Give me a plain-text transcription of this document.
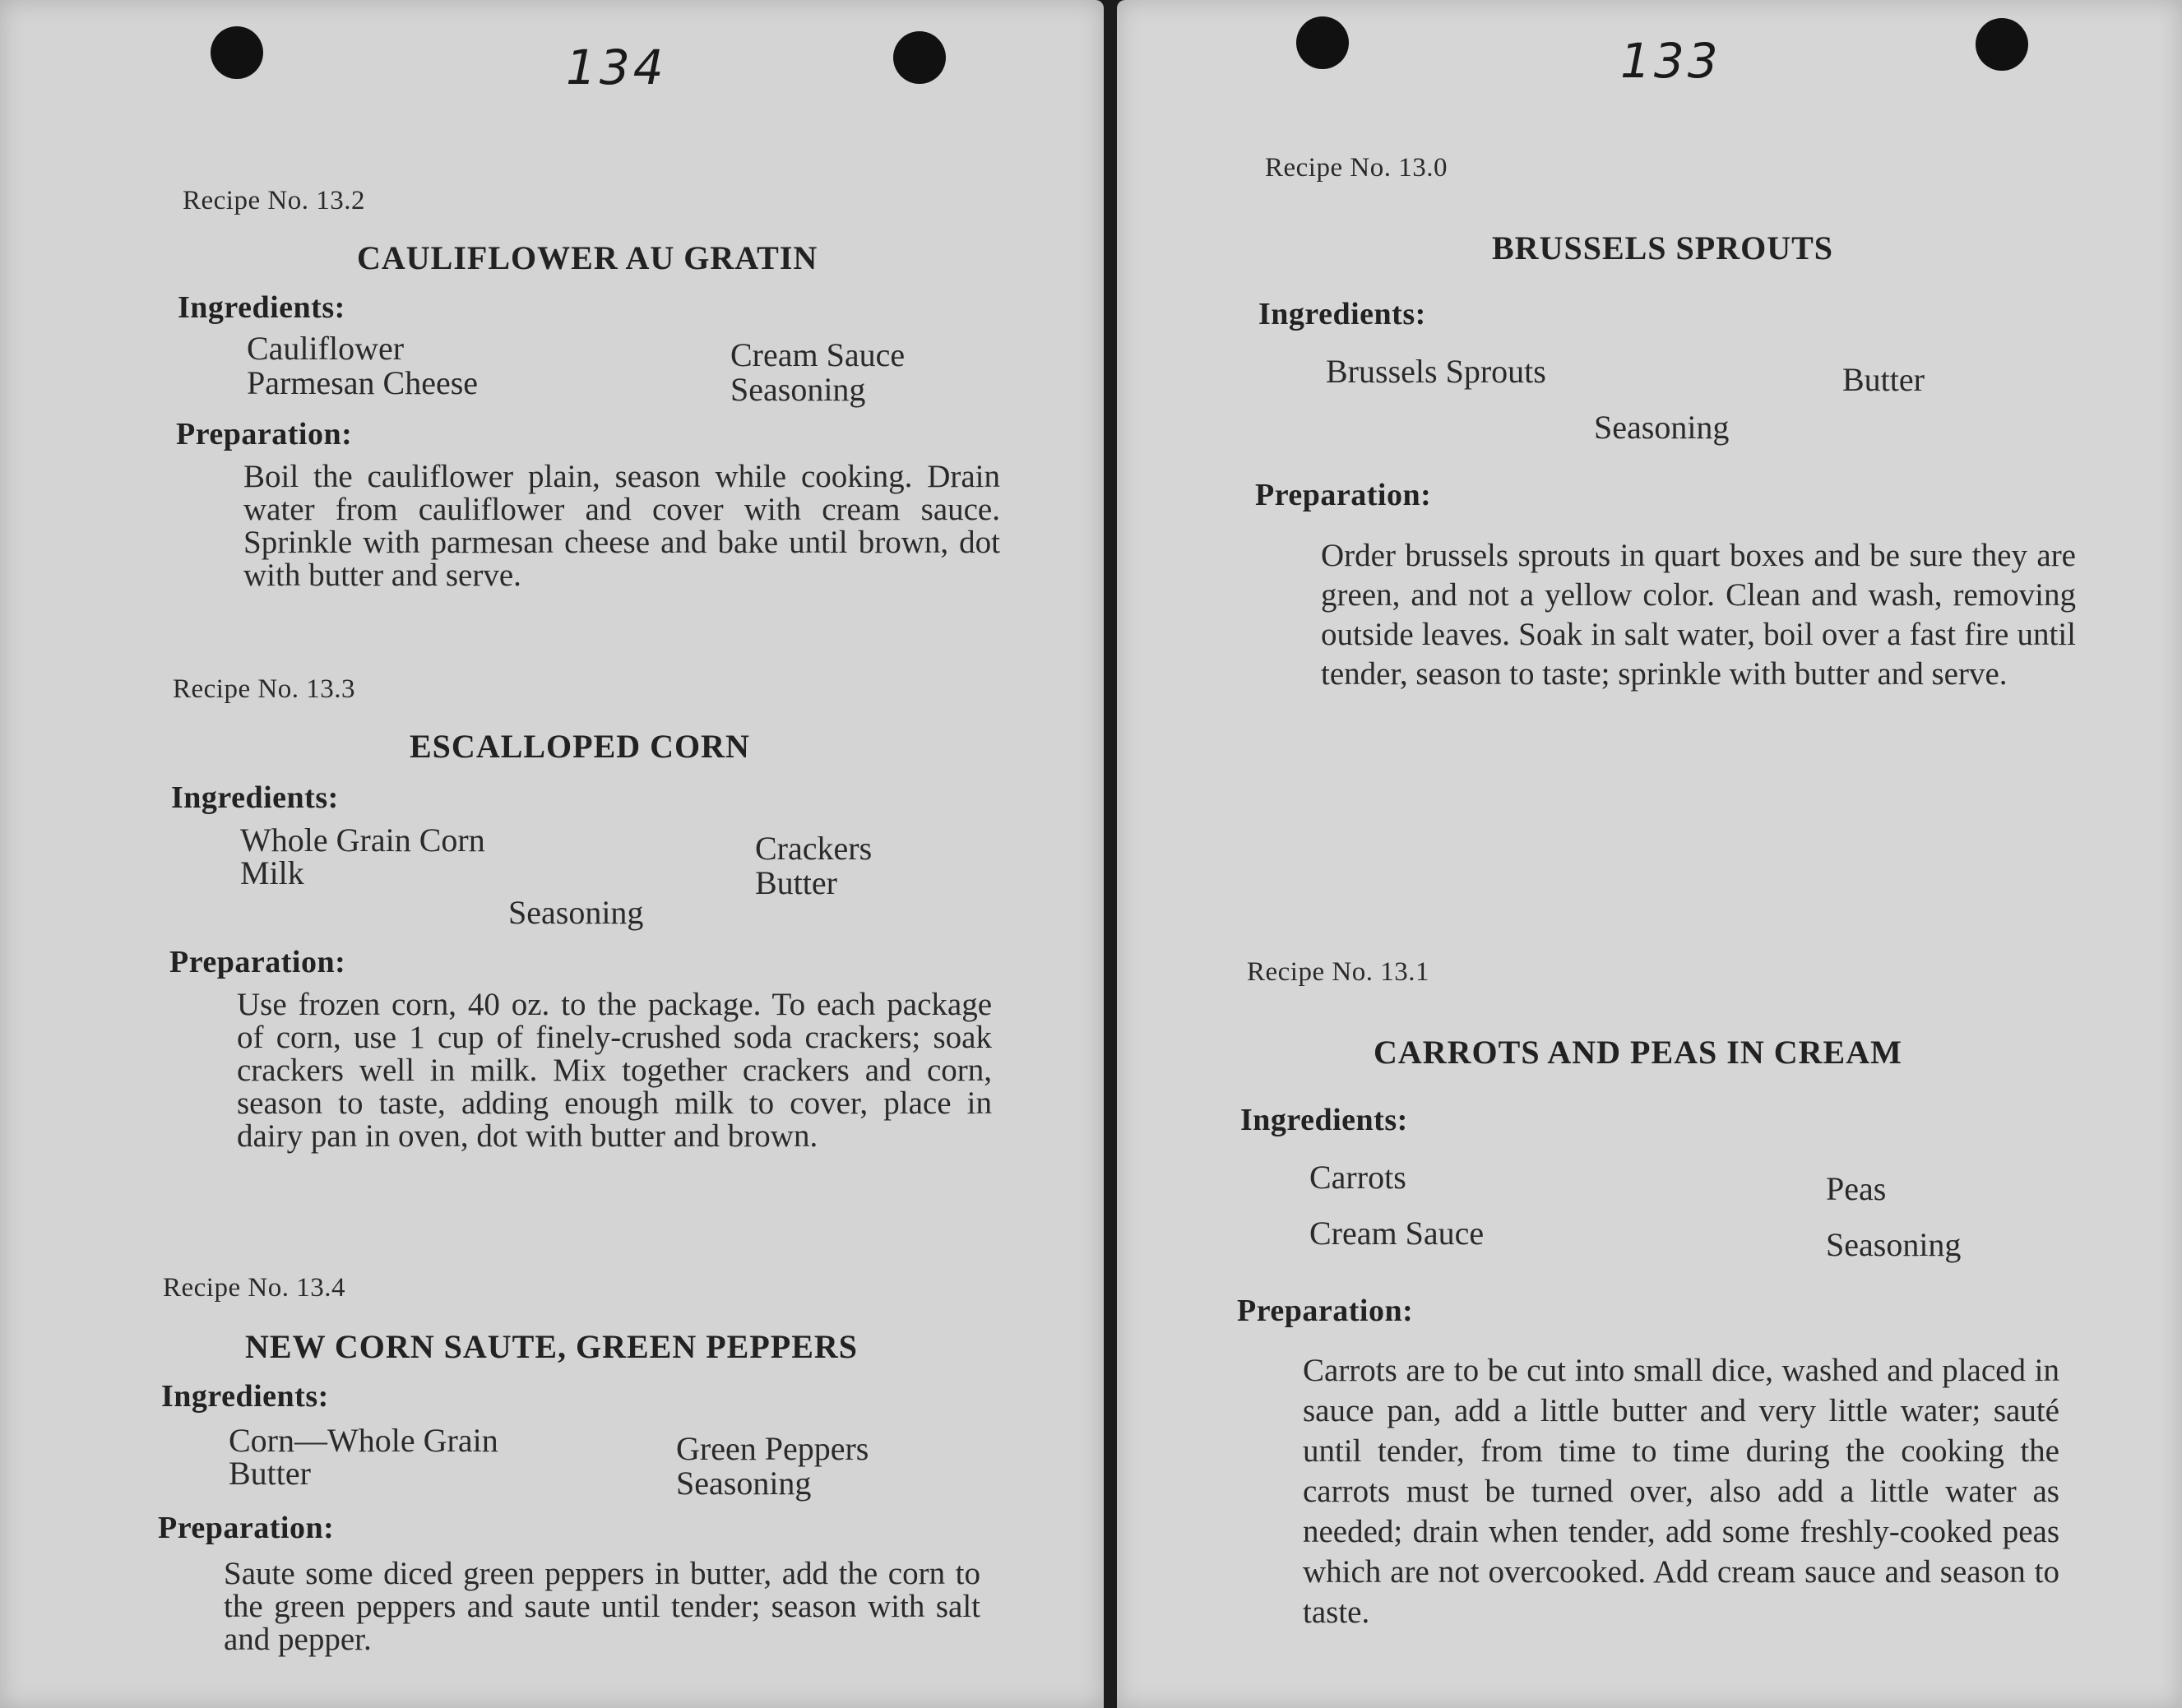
134
Recipe No. 13.2
CAULIFLOWER AU GRATIN
Ingredients:
Cauliflower
Parmesan Cheese
Cream Sauce
Seasoning
Preparation:
Boil the cauliflower plain, season while cooking. Drain water from cauliflower and cover with cream sauce. Sprinkle with parmesan cheese and bake until brown, dot with butter and serve.
Recipe No. 13.3
ESCALLOPED CORN
Ingredients:
Whole Grain Corn
Milk
Crackers
Butter
Seasoning
Preparation:
Use frozen corn, 40 oz. to the package. To each package of corn, use 1 cup of finely-crushed soda crackers; soak crackers well in milk. Mix together crackers and corn, season to taste, adding enough milk to cover, place in dairy pan in oven, dot with butter and brown.
Recipe No. 13.4
NEW CORN SAUTE, GREEN PEPPERS
Ingredients:
Corn—Whole Grain
Butter
Green Peppers
Seasoning
Preparation:
Saute some diced green peppers in butter, add the corn to the green peppers and saute until tender; season with salt and pepper.
133
Recipe No. 13.0
BRUSSELS SPROUTS
Ingredients:
Brussels Sprouts	Butter
Seasoning
Preparation:
Order brussels sprouts in quart boxes and be sure they are green, and not a yellow color. Clean and wash, removing outside leaves. Soak in salt water, boil over a fast fire until tender, season to taste; sprinkle with butter and serve.
Recipe No. 13.1
CARROTS AND PEAS IN CREAM
Ingredients:
Carrots
Cream Sauce
Peas
Seasoning
Preparation:
Carrots are to be cut into small dice, washed and placed in sauce pan, add a little butter and very little water; sauté until tender, from time to time during the cooking the carrots must be turned over, also add a little water as needed; drain when tender, add some freshly-cooked peas which are not overcooked. Add cream sauce and season to taste.
